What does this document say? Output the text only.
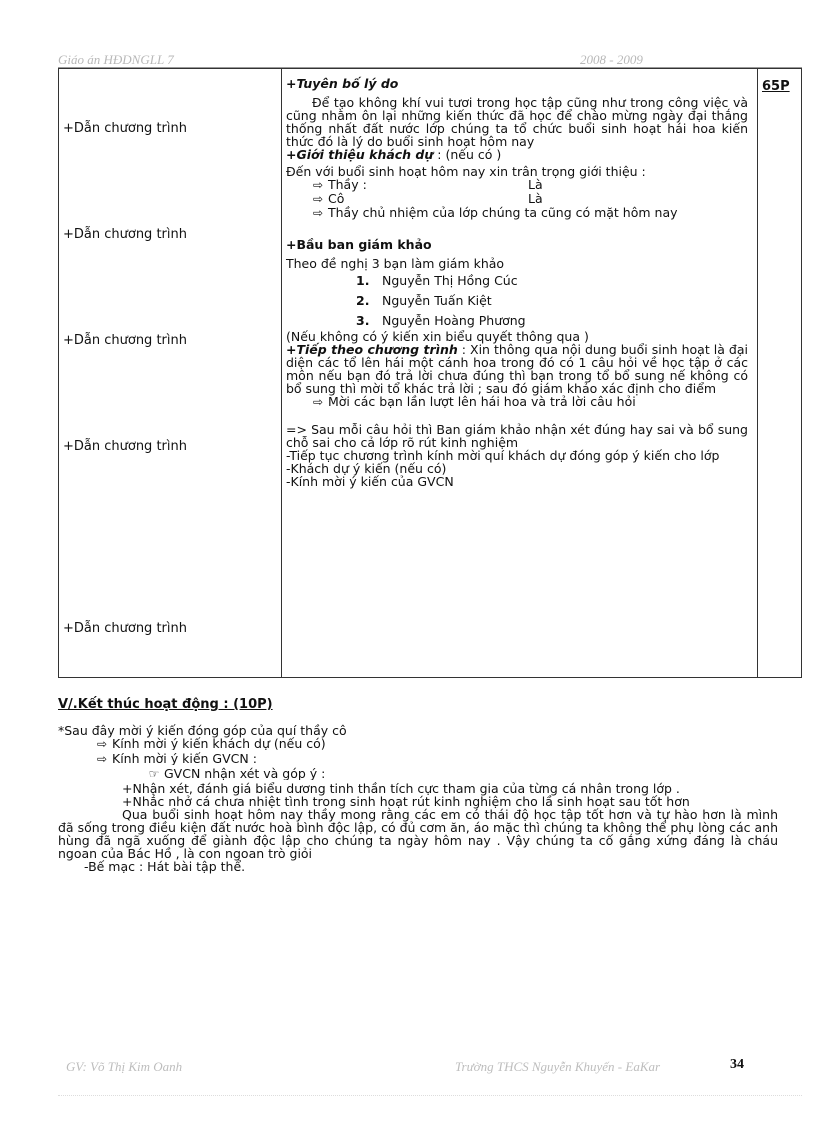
Giáo án HĐDNGLL 7	2008 - 2009
+Dẫn chương trình
+Dẫn chương trình
+Dẫn chương trình
+Dẫn chương trình
+Dẫn chương trình

+Tuyên bố lý do
Để tạo không khí vui tươi trong học tập cũng như trong công việc và cũng nhằm ôn lại những kiến thức đã học để chào mừng ngày đại thắng thống nhất đất nước lớp chúng ta tổ chức buổi sinh hoạt hái hoa kiến thức đó là lý do buổi sinh hoạt hôm nay
+Giới thiệu khách dự : (nếu có )
Đến với buổi sinh hoạt hôm nay xin trân trọng giới thiệu :
⇨ Thầy :	Là
⇨ Cô	Là
⇨ Thầy chủ nhiệm của lớp chúng ta cũng có mặt hôm nay
+Bầu ban giám khảo
Theo đề nghị 3 bạn làm giám khảo
1. Nguyễn Thị Hồng Cúc
2. Nguyễn Tuấn Kiệt
3. Nguyễn Hoàng Phương
(Nếu không có ý kiến xin biểu quyết thông qua )
+Tiếp theo chương trình : Xin thông qua nội dung buổi sinh hoạt là đại diện các tổ lên hái một cánh hoa trong đó có 1 câu hỏi về học tập ở các môn nếu bạn đó trả lời chưa đúng thì bạn trong tổ bổ sung nế không có bổ sung thì mời tổ khác trả lời ; sau đó giám khảo xác định cho điểm
⇨ Mời các bạn lần lượt lên hái hoa và trả lời câu hỏi
=> Sau mỗi câu hỏi thì Ban giám khảo nhận xét đúng hay sai và bổ sung chỗ sai cho cả lớp rõ rút kinh nghiệm
-Tiếp tục chương trình kính mời quí khách dự đóng góp ý kiến cho lớp
-Khách dự ý kiến (nếu có)
-Kính mời ý kiến của GVCN

65P
V/.Kết thúc hoạt động : (10P)
*Sau đây mời ý kiến đóng góp của quí thầy cô
⇨ Kính mời ý kiến khách dự (nếu có)
⇨ Kính mời ý kiến GVCN :
☞ GVCN nhận xét và góp ý :
+Nhận xét, đánh giá biểu dương tinh thần tích cực tham gia của từng cá nhân trong lớp .
+Nhắc nhở cá chưa nhiệt tình trong sinh hoạt rút kinh nghiệm cho lầ sinh hoạt sau tốt hơn
Qua buổi sinh hoạt hôm nay thầy mong rằng các em có thái độ học tập tốt hơn và tự hào hơn là mình đã sống trong điều kiện đất nước hoà bình độc lập, có đủ cơm ăn, áo mặc thì chúng ta không thể phụ lòng các anh hùng đã ngã xuống để giành độc lập cho chúng ta ngày hôm nay . Vậy chúng ta cố gắng xứng đáng là cháu ngoan của Bác Hồ , là con ngoan trò giỏi
-Bế mạc : Hát bài tập thể.
GV: Võ Thị Kim Oanh	Trường THCS Nguyễn Khuyến - EaKar	34
